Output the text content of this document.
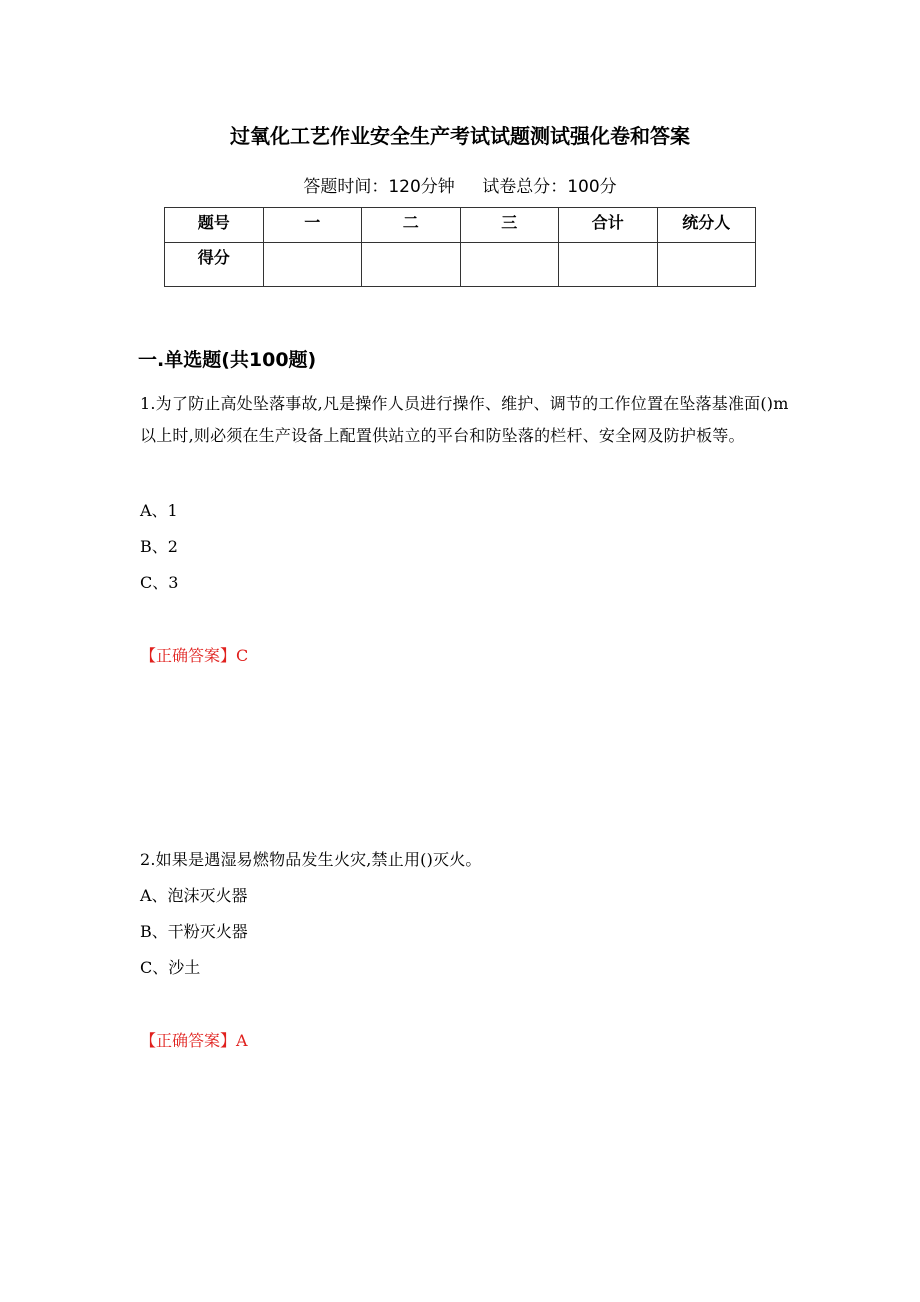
过氧化工艺作业安全生产考试试题测试强化卷和答案
答题时间：120分钟 试卷总分：100分
题号	一	二	三	合计	统分人
得分					
一.单选题(共100题)
1.为了防止高处坠落事故,凡是操作人员进行操作、维护、调节的工作位置在坠落基准面()m以上时,则必须在生产设备上配置供站立的平台和防坠落的栏杆、安全网及防护板等。
A、1
B、2
C、3
【正确答案】C
2.如果是遇湿易燃物品发生火灾,禁止用()灭火。
A、泡沫灭火器
B、干粉灭火器
C、沙土
【正确答案】A
